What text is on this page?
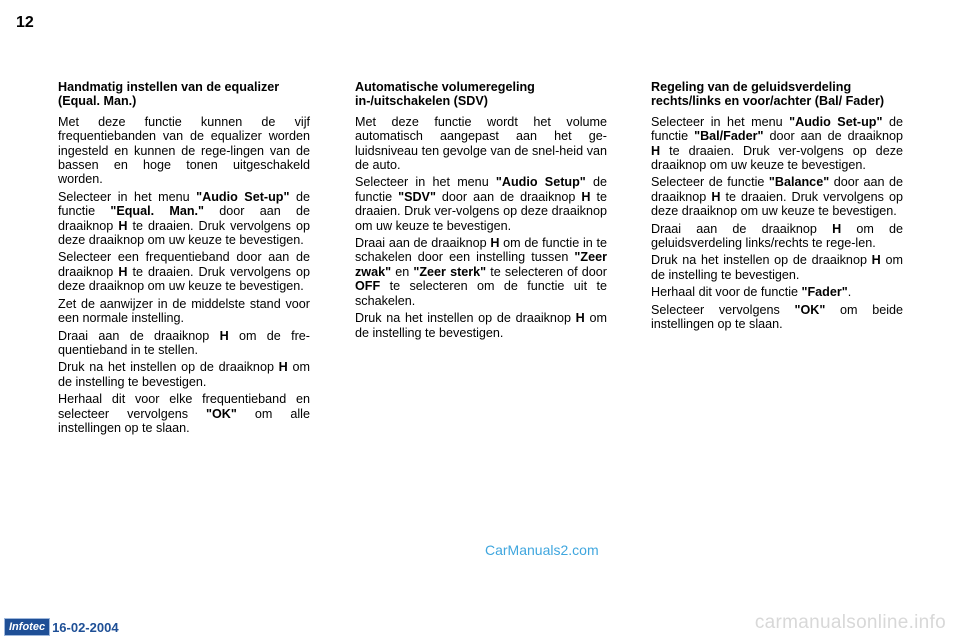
12
Handmatig instellen van de equalizer (Equal. Man.)

Met deze functie kunnen de vijf frequentiebanden van de equalizer worden ingesteld en kunnen de rege-lingen van de bassen en hoge tonen uitgeschakeld worden.

Selecteer in het menu "Audio Set-up" de functie "Equal. Man." door aan de draaiknop H te draaien. Druk vervolgens op deze draaiknop om uw keuze te bevestigen.

Selecteer een frequentieband door aan de draaiknop H te draaien. Druk vervolgens op deze draaiknop om uw keuze te bevestigen.

Zet de aanwijzer in de middelste stand voor een normale instelling.

Draai aan de draaiknop H om de fre-quentieband in te stellen.

Druk na het instellen op de draaiknop H om de instelling te bevestigen.

Herhaal dit voor elke frequentieband en selecteer vervolgens "OK" om alle instellingen op te slaan.

Automatische volumeregeling in-/uitschakelen (SDV)

Met deze functie wordt het volume automatisch aangepast aan het ge-luidsniveau ten gevolge van de snel-heid van de auto.

Selecteer in het menu "Audio Setup" de functie "SDV" door aan de draaiknop H te draaien. Druk ver-volgens op deze draaiknop om uw keuze te bevestigen.

Draai aan de draaiknop H om de functie in te schakelen door een instelling tussen "Zeer zwak" en "Zeer sterk" te selecteren of door OFF te selecteren om de functie uit te schakelen.

Druk na het instellen op de draaiknop H om de instelling te bevestigen.

Regeling van de geluidsverdeling rechts/links en voor/achter (Bal/ Fader)

Selecteer in het menu "Audio Set-up" de functie "Bal/Fader" door aan de draaiknop H te draaien. Druk ver-volgens op deze draaiknop om uw keuze te bevestigen.

Selecteer de functie "Balance" door aan de draaiknop H te draaien. Druk vervolgens op deze draaiknop om uw keuze te bevestigen.

Draai aan de draaiknop H om de geluidsverdeling links/rechts te rege-len.

Druk na het instellen op de draaiknop H om de instelling te bevestigen.

Herhaal dit voor de functie "Fader".

Selecteer vervolgens "OK" om beide instellingen op te slaan.

CarManuals2.com
carmanualsonline.info
Infotec 16-02-2004
